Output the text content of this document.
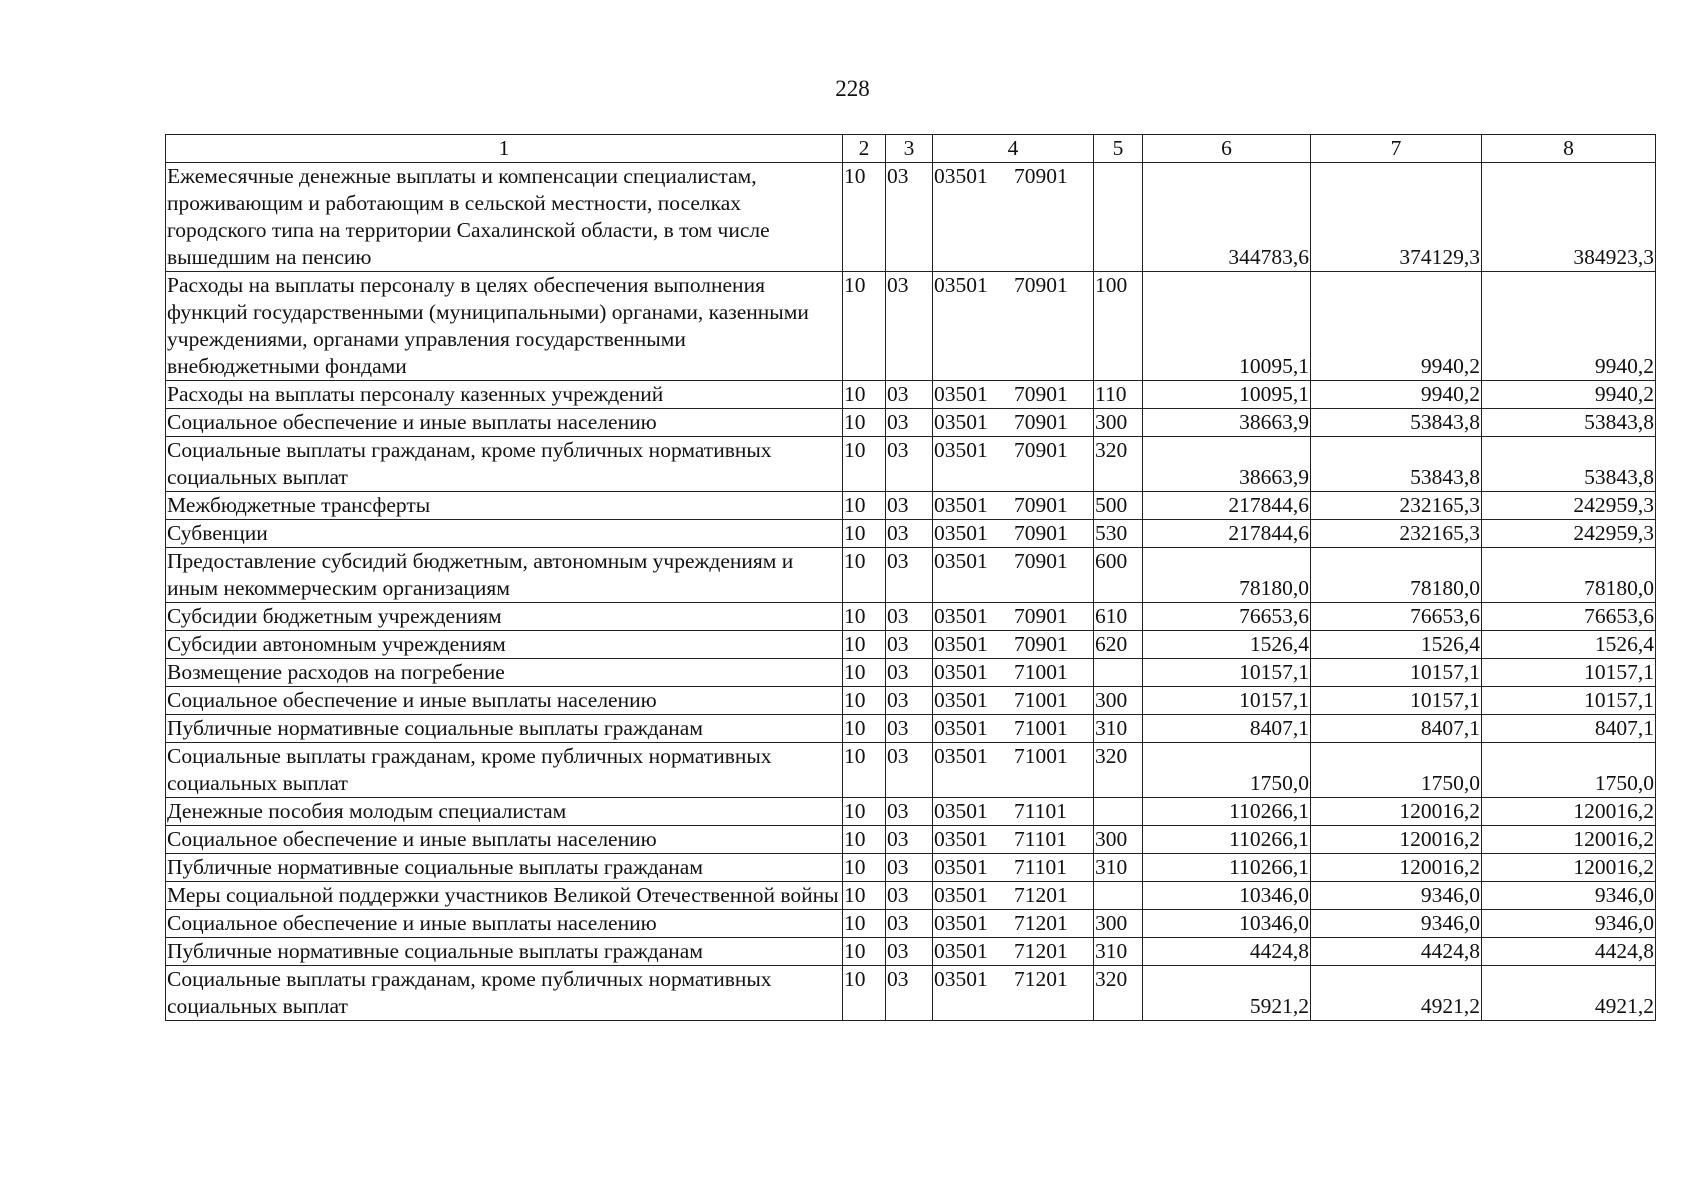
228
1	2	3	4	5	6	7	8
Ежемесячные денежные выплаты и компенсации специалистам, проживающим и работающим в сельской местности, поселках городского типа на территории Сахалинской области, в том числе вышедшим на пенсию	10	03	03501 70901		344783,6	374129,3	384923,3
Расходы на выплаты персоналу в целях обеспечения выполнения функций государственными (муниципальными) органами, казенными учреждениями, органами управления государственными внебюджетными фондами	10	03	03501 70901	100	10095,1	9940,2	9940,2
Расходы на выплаты персоналу казенных учреждений	10	03	03501 70901	110	10095,1	9940,2	9940,2
Социальное обеспечение и иные выплаты населению	10	03	03501 70901	300	38663,9	53843,8	53843,8
Социальные выплаты гражданам, кроме публичных нормативных социальных выплат	10	03	03501 70901	320	38663,9	53843,8	53843,8
Межбюджетные трансферты	10	03	03501 70901	500	217844,6	232165,3	242959,3
Субвенции	10	03	03501 70901	530	217844,6	232165,3	242959,3
Предоставление субсидий бюджетным, автономным учреждениям и иным некоммерческим организациям	10	03	03501 70901	600	78180,0	78180,0	78180,0
Субсидии бюджетным учреждениям	10	03	03501 70901	610	76653,6	76653,6	76653,6
Субсидии автономным учреждениям	10	03	03501 70901	620	1526,4	1526,4	1526,4
Возмещение расходов на погребение	10	03	03501 71001		10157,1	10157,1	10157,1
Социальное обеспечение и иные выплаты населению	10	03	03501 71001	300	10157,1	10157,1	10157,1
Публичные нормативные социальные выплаты гражданам	10	03	03501 71001	310	8407,1	8407,1	8407,1
Социальные выплаты гражданам, кроме публичных нормативных социальных выплат	10	03	03501 71001	320	1750,0	1750,0	1750,0
Денежные пособия молодым специалистам	10	03	03501 71101		110266,1	120016,2	120016,2
Социальное обеспечение и иные выплаты населению	10	03	03501 71101	300	110266,1	120016,2	120016,2
Публичные нормативные социальные выплаты гражданам	10	03	03501 71101	310	110266,1	120016,2	120016,2
Меры социальной поддержки участников Великой Отечественной войны	10	03	03501 71201		10346,0	9346,0	9346,0
Социальное обеспечение и иные выплаты населению	10	03	03501 71201	300	10346,0	9346,0	9346,0
Публичные нормативные социальные выплаты гражданам	10	03	03501 71201	310	4424,8	4424,8	4424,8
Социальные выплаты гражданам, кроме публичных нормативных социальных выплат	10	03	03501 71201	320	5921,2	4921,2	4921,2
